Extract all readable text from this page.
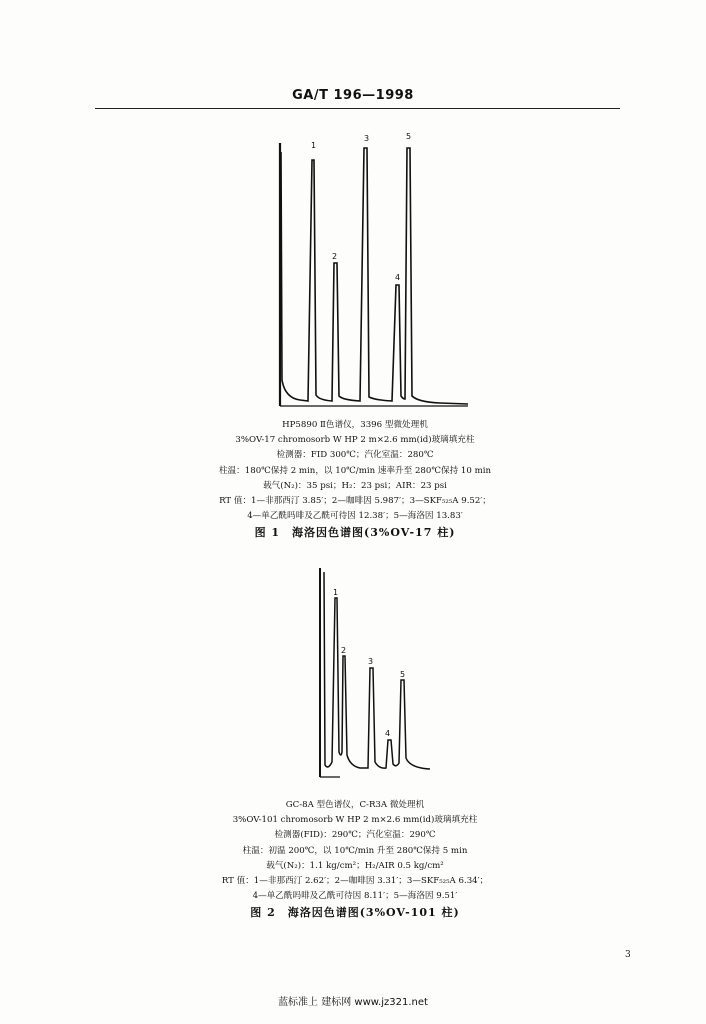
GA/T 196—1998
1
2
3
4
5
1
2
3
4
5
HP5890 Ⅱ色谱仪，3396 型微处理机
3%OV-17 chromosorb W HP 2 m×2.6 mm(id)玻璃填充柱
检测器：FID 300℃；汽化室温：280℃
柱温：180℃保持 2 min，以 10℃/min 速率升至 280℃保持 10 min
载气(N₂)：35 psi；H₂：23 psi；AIR：23 psi
RT 值：1—非那西汀 3.85′；2—咖啡因 5.987′；3—SKF₅₂₅A 9.52′；
4—单乙酰吗啡及乙酰可待因 12.38′；5—海洛因 13.83′
图 1　海洛因色谱图(3%OV-17 柱)
GC-8A 型色谱仪，C-R3A 微处理机
3%OV-101 chromosorb W HP 2 m×2.6 mm(id)玻璃填充柱
检测器(FID)：290℃；汽化室温：290℃
柱温：初温 200℃，以 10℃/min 升至 280℃保持 5 min
载气(N₂)：1.1 kg/cm²；H₂/AIR 0.5 kg/cm²
RT 值：1—非那西汀 2.62′；2—咖啡因 3.31′；3—SKF₅₂₅A 6.34′；
4—单乙酰吗啡及乙酰可待因 8.11′；5—海洛因 9.51′
图 2　海洛因色谱图(3%OV-101 柱)
3
蓝标准上 建标网 www.jz321.net
